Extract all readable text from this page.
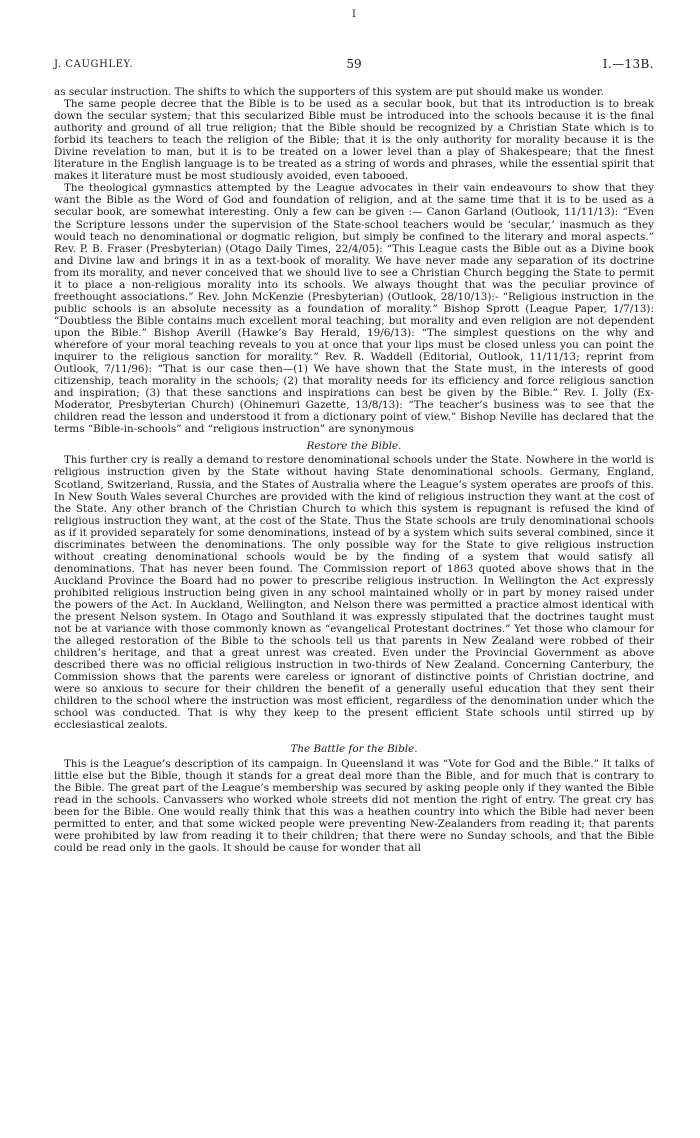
I
J. CAUGHLEY.	59	I.—13B.

as secular instruction. The shifts to which the supporters of this system are put should make us wonder.

The same people decree that the Bible is to be used as a secular book, but that its introduction is to break down the secular system; that this secularized Bible must be introduced into the schools because it is the final authority and ground of all true religion; that the Bible should be recognized by a Christian State which is to forbid its teachers to teach the religion of the Bible; that it is the only authority for morality because it is the Divine revelation to man, but it is to be treated on a lower level than a play of Shakespeare; that the finest literature in the English language is to be treated as a string of words and phrases, while the essential spirit that makes it literature must be most studiously avoided, even tabooed.

The theological gymnastics attempted by the League advocates in their vain endeavours to show that they want the Bible as the Word of God and foundation of religion, and at the same time that it is to be used as a secular book, are somewhat interesting. Only a few can be given :— Canon Garland (Outlook, 11/11/13): “Even the Scripture lessons under the supervision of the State-school teachers would be ‘secular,’ inasmuch as they would teach no denominational or dogmatic religion, but simply be confined to the literary and moral aspects.” Rev. P. B. Fraser (Presbyterian) (Otago Daily Times, 22/4/05): “This League casts the Bible out as a Divine book and Divine law and brings it in as a text-book of morality. We have never made any separation of its doctrine from its morality, and never conceived that we should live to see a Christian Church begging the State to permit it to place a non-religious morality into its schools. We always thought that was the peculiar province of freethought associations.” Rev. John McKenzie (Presbyterian) (Outlook, 28/10/13):- “Religious instruction in the public schools is an absolute necessity as a foundation of morality.” Bishop Sprott (League Paper, 1/7/13): “Doubtless the Bible contains much excellent moral teaching, but morality and even religion are not dependent upon the Bible.” Bishop Averill (Hawke’s Bay Herald, 19/6/13): “The simplest questions on the why and wherefore of your moral teaching reveals to you at once that your lips must be closed unless you can point the inquirer to the religious sanction for morality.” Rev. R. Waddell (Editorial, Outlook, 11/11/13; reprint from Outlook, 7/11/96): “That is our case then—(1) We have shown that the State must, in the interests of good citizenship, teach morality in the schools; (2) that morality needs for its efficiency and force religious sanction and inspiration; (3) that these sanctions and inspirations can best be given by the Bible.” Rev. I. Jolly (Ex-Moderator, Presbyterian Church) (Ohinemuri Gazette, 13/8/13): “The teacher’s business was to see that the children read the lesson and understood it from a dictionary point of view.” Bishop Neville has declared that the terms “Bible-in-schools” and “religious instruction” are synonymous

Restore the Bible.

This further cry is really a demand to restore denominational schools under the State. Nowhere in the world is religious instruction given by the State without having State denominational schools. Germany, England, Scotland, Switzerland, Russia, and the States of Australia where the League’s system operates are proofs of this. In New South Wales several Churches are provided with the kind of religious instruction they want at the cost of the State. Any other branch of the Christian Church to which this system is repugnant is refused the kind of religious instruction they want, at the cost of the State. Thus the State schools are truly denominational schools as if it provided separately for some denominations, instead of by a system which suits several combined, since it discriminates between the denominations. The only possible way for the State to give religious instruction without creating denominational schools would be by the finding of a system that would satisfy all denominations. That has never been found. The Commission report of 1863 quoted above shows that in the Auckland Province the Board had no power to prescribe religious instruction. In Wellington the Act expressly prohibited religious instruction being given in any school maintained wholly or in part by money raised under the powers of the Act. In Auckland, Wellington, and Nelson there was permitted a practice almost identical with the present Nelson system. In Otago and Southland it was expressly stipulated that the doctrines taught must not be at variance with those commonly known as “evangelical Protestant doctrines.” Yet those who clamour for the alleged restoration of the Bible to the schools tell us that parents in New Zealand were robbed of their children’s heritage, and that a great unrest was created. Even under the Provincial Government as above described there was no official religious instruction in two-thirds of New Zealand. Concerning Canterbury, the Commission shows that the parents were careless or ignorant of distinctive points of Christian doctrine, and were so anxious to secure for their children the benefit of a generally useful education that they sent their children to the school where the instruction was most efficient, regardless of the denomination under which the school was conducted. That is why they keep to the present efficient State schools until stirred up by ecclesiastical zealots.

The Battle for the Bible.

This is the League’s description of its campaign. In Queensland it was “Vote for God and the Bible.” It talks of little else but the Bible, though it stands for a great deal more than the Bible, and for much that is contrary to the Bible. The great part of the League’s membership was secured by asking people only if they wanted the Bible read in the schools. Canvassers who worked whole streets did not mention the right of entry. The great cry has been for the Bible. One would really think that this was a heathen country into which the Bible had never been permitted to enter, and that some wicked people were preventing New-Zealanders from reading it; that parents were prohibited by law from reading it to their children; that there were no Sunday schools, and that the Bible could be read only in the gaols. It should be cause for wonder that all
